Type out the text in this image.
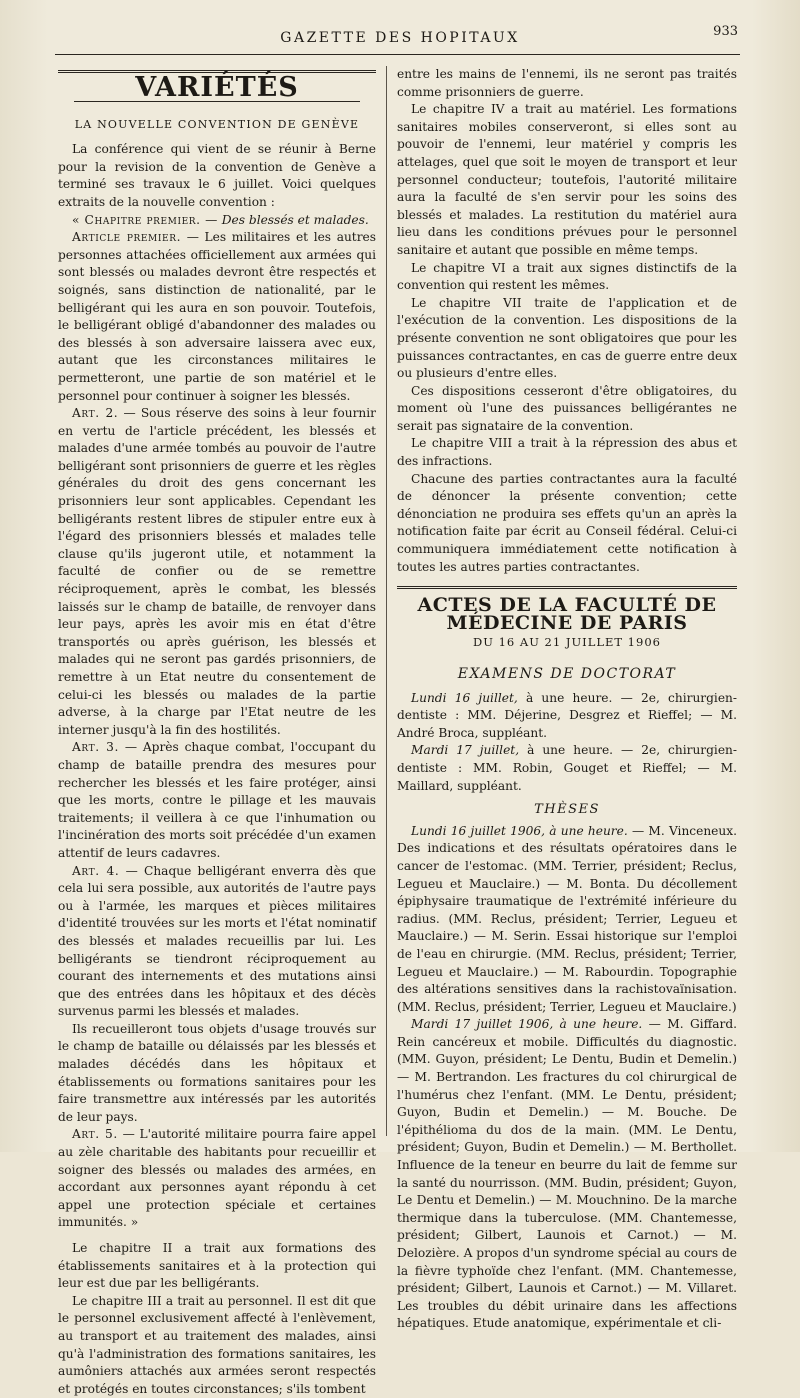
GAZETTE DES HOPITAUX	933
VARIÉTÉS
LA NOUVELLE CONVENTION DE GENÈVE

La conférence qui vient de se réunir à Berne pour la revision de la convention de Genève a terminé ses travaux le 6 juillet. Voici quelques extraits de la nouvelle convention :

« Chapitre premier. — Des blessés et malades.

Article premier. — Les militaires et les autres personnes attachées officiellement aux armées qui sont blessés ou malades devront être respectés et soignés, sans distinction de nationalité, par le belligérant qui les aura en son pouvoir. Toutefois, le belligérant obligé d'abandonner des malades ou des blessés à son adversaire laissera avec eux, autant que les circonstances militaires le permetteront, une partie de son matériel et le personnel pour continuer à soigner les blessés.

Art. 2. — Sous réserve des soins à leur fournir en vertu de l'article précédent, les blessés et malades d'une armée tombés au pouvoir de l'autre belligérant sont prisonniers de guerre et les règles générales du droit des gens concernant les prisonniers leur sont applicables. Cependant les belligérants restent libres de stipuler entre eux à l'égard des prisonniers blessés et malades telle clause qu'ils jugeront utile, et notamment la faculté de confier ou de se remettre réciproquement, après le combat, les blessés laissés sur le champ de bataille, de renvoyer dans leur pays, après les avoir mis en état d'être transportés ou après guérison, les blessés et malades qui ne seront pas gardés prisonniers, de remettre à un Etat neutre du consentement de celui-ci les blessés ou malades de la partie adverse, à la charge par l'Etat neutre de les interner jusqu'à la fin des hostilités.

Art. 3. — Après chaque combat, l'occupant du champ de bataille prendra des mesures pour rechercher les blessés et les faire protéger, ainsi que les morts, contre le pillage et les mauvais traitements; il veillera à ce que l'inhumation ou l'incinération des morts soit précédée d'un examen attentif de leurs cadavres.

Art. 4. — Chaque belligérant enverra dès que cela lui sera possible, aux autorités de l'autre pays ou à l'armée, les marques et pièces militaires d'identité trouvées sur les morts et l'état nominatif des blessés et malades recueillis par lui. Les belligérants se tiendront réciproquement au courant des internements et des mutations ainsi que des entrées dans les hôpitaux et des décès survenus parmi les blessés et malades.

Ils recueilleront tous objets d'usage trouvés sur le champ de bataille ou délaissés par les blessés et malades décédés dans les hôpitaux et établissements ou formations sanitaires pour les faire transmettre aux intéressés par les autorités de leur pays.

Art. 5. — L'autorité militaire pourra faire appel au zèle charitable des habitants pour recueillir et soigner des blessés ou malades des armées, en accordant aux personnes ayant répondu à cet appel une protection spéciale et certaines immunités. »

Le chapitre II a trait aux formations des établissements sanitaires et à la protection qui leur est due par les belligérants.

Le chapitre III a trait au personnel. Il est dit que le personnel exclusivement affecté à l'enlèvement, au transport et au traitement des malades, ainsi qu'à l'administration des formations sanitaires, les aumôniers attachés aux armées seront respectés et protégés en toutes circonstances; s'ils tombent

entre les mains de l'ennemi, ils ne seront pas traités comme prisonniers de guerre.

Le chapitre IV a trait au matériel. Les formations sanitaires mobiles conserveront, si elles sont au pouvoir de l'ennemi, leur matériel y compris les attelages, quel que soit le moyen de transport et leur personnel conducteur; toutefois, l'autorité militaire aura la faculté de s'en servir pour les soins des blessés et malades. La restitution du matériel aura lieu dans les conditions prévues pour le personnel sanitaire et autant que possible en même temps.

Le chapitre VI a trait aux signes distinctifs de la convention qui restent les mêmes.

Le chapitre VII traite de l'application et de l'exécution de la convention. Les dispositions de la présente convention ne sont obligatoires que pour les puissances contractantes, en cas de guerre entre deux ou plusieurs d'entre elles.

Ces dispositions cesseront d'être obligatoires, du moment où l'une des puissances belligérantes ne serait pas signataire de la convention.

Le chapitre VIII a trait à la répression des abus et des infractions.

Chacune des parties contractantes aura la faculté de dénoncer la présente convention; cette dénonciation ne produira ses effets qu'un an après la notification faite par écrit au Conseil fédéral. Celui-ci communiquera immédiatement cette notification à toutes les autres parties contractantes.

ACTES DE LA FACULTÉ DE MÉDECINE DE PARIS
DU 16 AU 21 JUILLET 1906
EXAMENS DE DOCTORAT

Lundi 16 juillet, à une heure. — 2e, chirurgien-dentiste : MM. Déjerine, Desgrez et Rieffel; — M. André Broca, suppléant.

Mardi 17 juillet, à une heure. — 2e, chirurgien-dentiste : MM. Robin, Gouget et Rieffel; — M. Maillard, suppléant.

THÈSES

Lundi 16 juillet 1906, à une heure. — M. Vinceneux. Des indications et des résultats opératoires dans le cancer de l'estomac. (MM. Terrier, président; Reclus, Legueu et Mauclaire.) — M. Bonta. Du décollement épiphysaire traumatique de l'extrémité inférieure du radius. (MM. Reclus, président; Terrier, Legueu et Mauclaire.) — M. Serin. Essai historique sur l'emploi de l'eau en chirurgie. (MM. Reclus, président; Terrier, Legueu et Mauclaire.) — M. Rabourdin. Topographie des altérations sensitives dans la rachistovaïnisation. (MM. Reclus, président; Terrier, Legueu et Mauclaire.)

Mardi 17 juillet 1906, à une heure. — M. Giffard. Rein cancéreux et mobile. Difficultés du diagnostic. (MM. Guyon, président; Le Dentu, Budin et Demelin.) — M. Bertrandon. Les fractures du col chirurgical de l'humérus chez l'enfant. (MM. Le Dentu, président; Guyon, Budin et Demelin.) — M. Bouche. De l'épithélioma du dos de la main. (MM. Le Dentu, président; Guyon, Budin et Demelin.) — M. Berthollet. Influence de la teneur en beurre du lait de femme sur la santé du nourrisson. (MM. Budin, président; Guyon, Le Dentu et Demelin.) — M. Mouchnino. De la marche thermique dans la tuberculose. (MM. Chantemesse, président; Gilbert, Launois et Carnot.) — M. Delozière. A propos d'un syndrome spécial au cours de la fièvre typhoïde chez l'enfant. (MM. Chantemesse, président; Gilbert, Launois et Carnot.) — M. Villaret. Les troubles du débit urinaire dans les affections hépatiques. Etude anatomique, expérimentale et cli-
